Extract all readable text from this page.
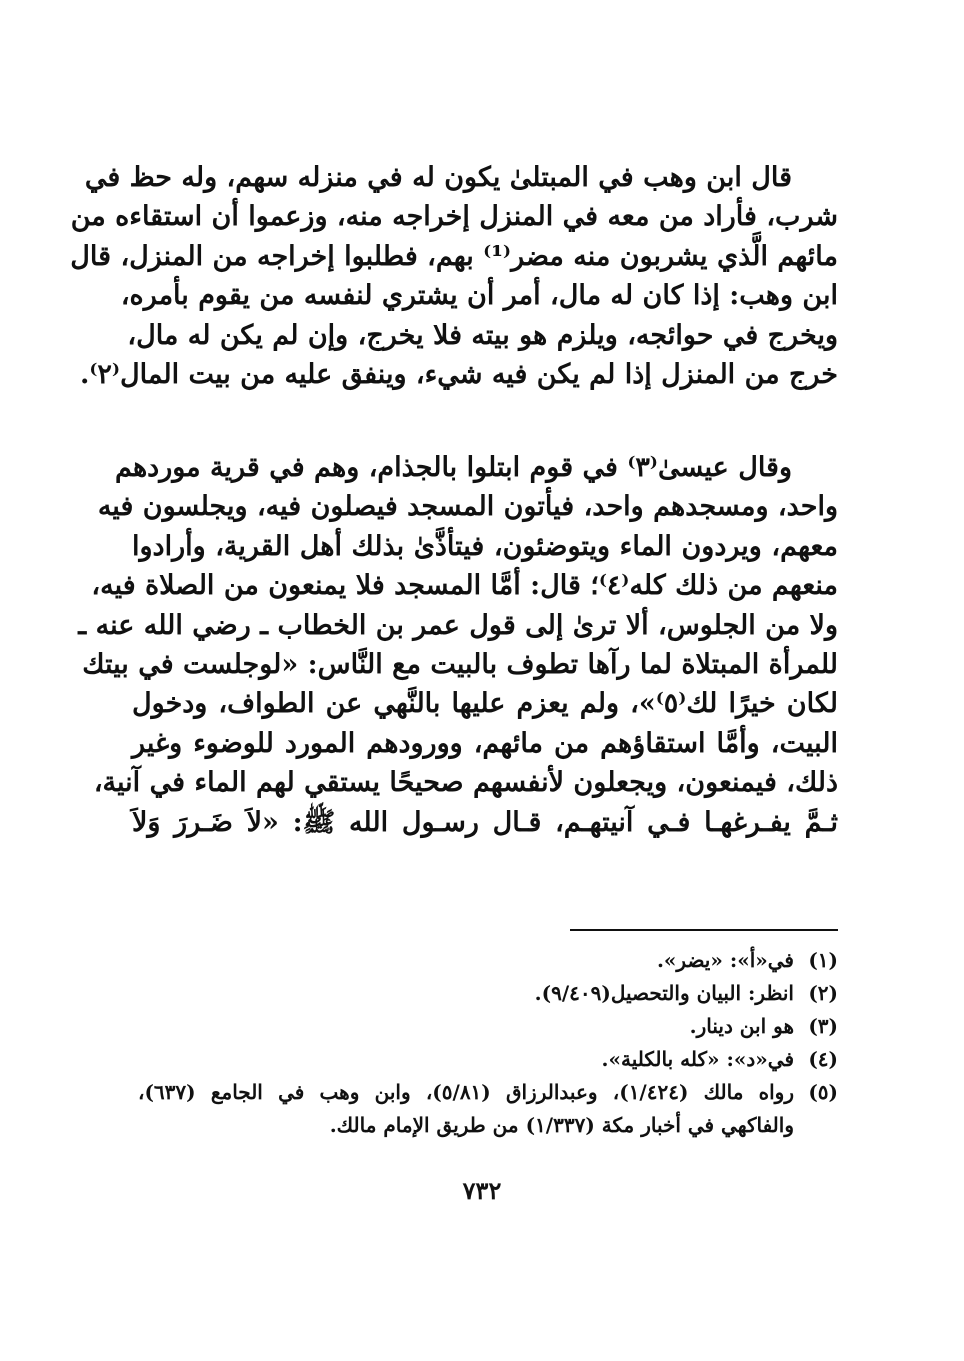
قال ابن وهب في المبتلىٰ يكون له في منزله سهم، وله حظ في
شرب، فأراد من معه في المنزل إخراجه منه، وزعموا أن استقاءه من
مائهم الَّذي يشربون منه مضر⁽¹⁾ بهم، فطلبوا إخراجه من المنزل، قال
ابن وهب: إذا كان له مال، أمر أن يشتري لنفسه من يقوم بأمره،
ويخرج في حوائجه، ويلزم هو بيته فلا يخرج، وإن لم يكن له مال،
خرج من المنزل إذا لم يكن فيه شيء، وينفق عليه من بيت المال⁽٢⁾.
وقال عيسىٰ⁽٣⁾ في قوم ابتلوا بالجذام، وهم في قرية موردهم
واحد، ومسجدهم واحد، فيأتون المسجد فيصلون فيه، ويجلسون فيه
معهم، ويردون الماء ويتوضئون، فيتأذَّىٰ بذلك أهل القرية، وأرادوا
منعهم من ذلك كله⁽٤⁾؛ قال: أمَّا المسجد فلا يمنعون من الصلاة فيه،
ولا من الجلوس، ألا ترىٰ إلى قول عمر بن الخطاب ـ رضي الله عنه ـ
للمرأة المبتلاة لما رآها تطوف بالبيت مع النَّاس: «لوجلست في بيتك
لكان خيرًا لك⁽٥⁾»، ولم يعزم عليها بالنَّهي عن الطواف، ودخول
البيت، وأمَّا استقاؤهم من مائهم، وورودهم المورد للوضوء وغير
ذلك، فيمنعون، ويجعلون لأنفسهم صحيحًا يستقي لهم الماء في آنية،
ثـمَّ يفـرغهـا فـي آنيتهـم، قـال رسـول الله ﷺ: «لاَ ضَـررَ وَلاَ
(١)
في«أ»: «يضر».
(٢)
انظر: البيان والتحصيل(٩/٤٠٩).
(٣)
هو ابن دينار.
(٤)
في«د»: «كله بالكلية».
(٥)
رواه مالك (١/٤٢٤)، وعبدالرزاق (٥/٨١)، وابن وهب في الجامع (٦٣٧)، والفاكهي في أخبار مكة (١/٣٣٧) من طريق الإمام مالك.
٧٣٢
